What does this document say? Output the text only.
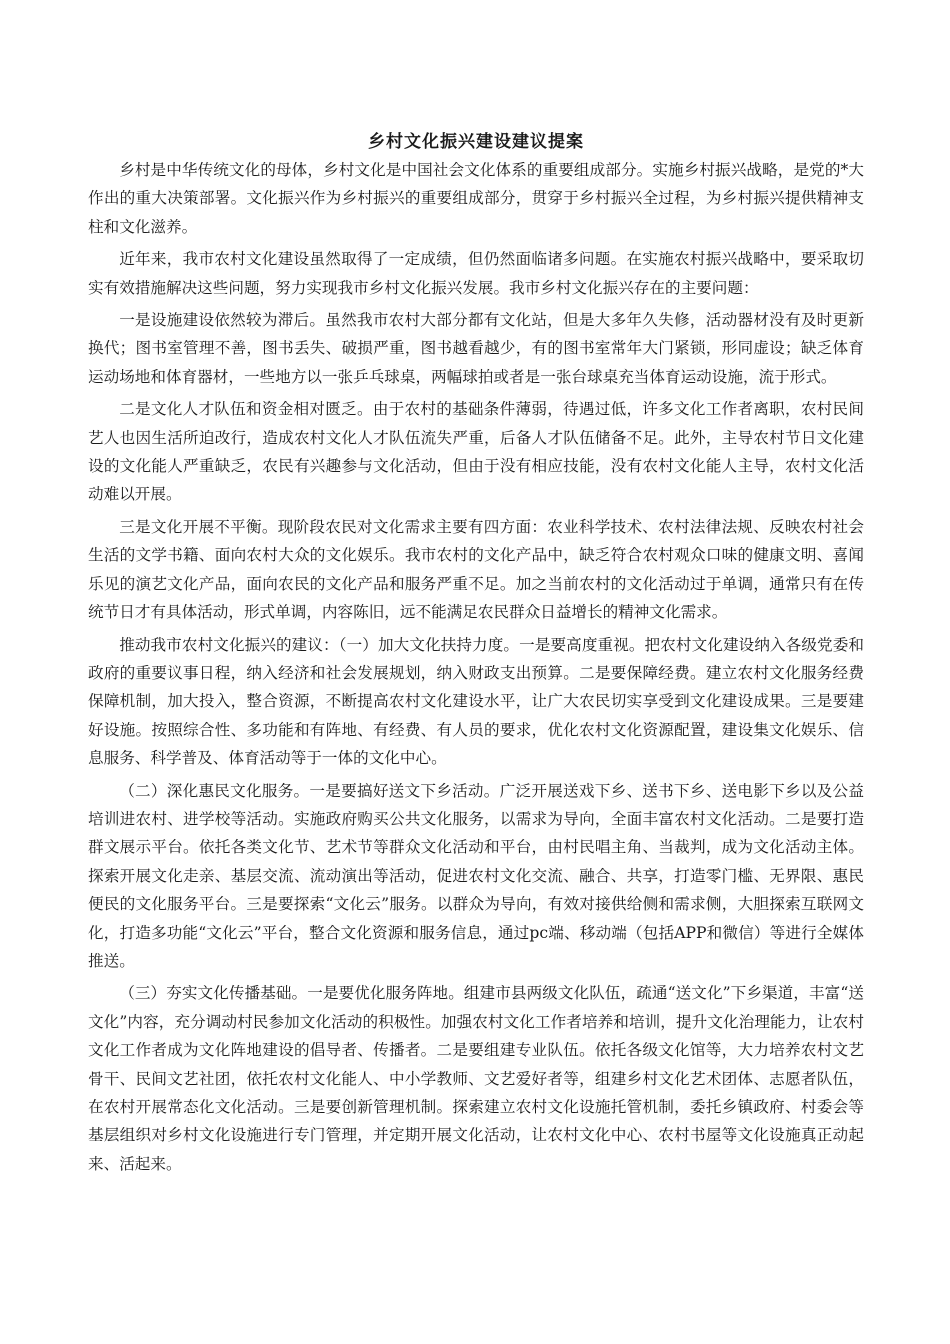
乡村文化振兴建设建议提案

乡村是中华传统文化的母体，乡村文化是中国社会文化体系的重要组成部分。实施乡村振兴战略，是党的*大作出的重大决策部署。文化振兴作为乡村振兴的重要组成部分，贯穿于乡村振兴全过程，为乡村振兴提供精神支柱和文化滋养。

近年来，我市农村文化建设虽然取得了一定成绩，但仍然面临诸多问题。在实施农村振兴战略中，要采取切实有效措施解决这些问题，努力实现我市乡村文化振兴发展。我市乡村文化振兴存在的主要问题：

一是设施建设依然较为滞后。虽然我市农村大部分都有文化站，但是大多年久失修，活动器材没有及时更新换代；图书室管理不善，图书丢失、破损严重，图书越看越少，有的图书室常年大门紧锁，形同虚设；缺乏体育运动场地和体育器材，一些地方以一张乒乓球桌，两幅球拍或者是一张台球桌充当体育运动设施，流于形式。

二是文化人才队伍和资金相对匮乏。由于农村的基础条件薄弱，待遇过低，许多文化工作者离职，农村民间艺人也因生活所迫改行，造成农村文化人才队伍流失严重，后备人才队伍储备不足。此外，主导农村节日文化建设的文化能人严重缺乏，农民有兴趣参与文化活动，但由于没有相应技能，没有农村文化能人主导，农村文化活动难以开展。

三是文化开展不平衡。现阶段农民对文化需求主要有四方面：农业科学技术、农村法律法规、反映农村社会生活的文学书籍、面向农村大众的文化娱乐。我市农村的文化产品中，缺乏符合农村观众口味的健康文明、喜闻乐见的演艺文化产品，面向农民的文化产品和服务严重不足。加之当前农村的文化活动过于单调，通常只有在传统节日才有具体活动，形式单调，内容陈旧，远不能满足农民群众日益增长的精神文化需求。

推动我市农村文化振兴的建议：（一）加大文化扶持力度。一是要高度重视。把农村文化建设纳入各级党委和政府的重要议事日程，纳入经济和社会发展规划，纳入财政支出预算。二是要保障经费。建立农村文化服务经费保障机制，加大投入，整合资源，不断提高农村文化建设水平，让广大农民切实享受到文化建设成果。三是要建好设施。按照综合性、多功能和有阵地、有经费、有人员的要求，优化农村文化资源配置，建设集文化娱乐、信息服务、科学普及、体育活动等于一体的文化中心。

（二）深化惠民文化服务。一是要搞好送文下乡活动。广泛开展送戏下乡、送书下乡、送电影下乡以及公益培训进农村、进学校等活动。实施政府购买公共文化服务，以需求为导向，全面丰富农村文化活动。二是要打造群文展示平台。依托各类文化节、艺术节等群众文化活动和平台，由村民唱主角、当裁判，成为文化活动主体。探索开展文化走亲、基层交流、流动演出等活动，促进农村文化交流、融合、共享，打造零门槛、无界限、惠民便民的文化服务平台。三是要探索“文化云”服务。以群众为导向，有效对接供给侧和需求侧，大胆探索互联网文化，打造多功能“文化云”平台，整合文化资源和服务信息，通过pc端、移动端（包括APP和微信）等进行全媒体推送。

（三）夯实文化传播基础。一是要优化服务阵地。组建市县两级文化队伍，疏通“送文化”下乡渠道，丰富“送文化”内容，充分调动村民参加文化活动的积极性。加强农村文化工作者培养和培训，提升文化治理能力，让农村文化工作者成为文化阵地建设的倡导者、传播者。二是要组建专业队伍。依托各级文化馆等，大力培养农村文艺骨干、民间文艺社团，依托农村文化能人、中小学教师、文艺爱好者等，组建乡村文化艺术团体、志愿者队伍，在农村开展常态化文化活动。三是要创新管理机制。探索建立农村文化设施托管机制，委托乡镇政府、村委会等基层组织对乡村文化设施进行专门管理，并定期开展文化活动，让农村文化中心、农村书屋等文化设施真正动起来、活起来。
